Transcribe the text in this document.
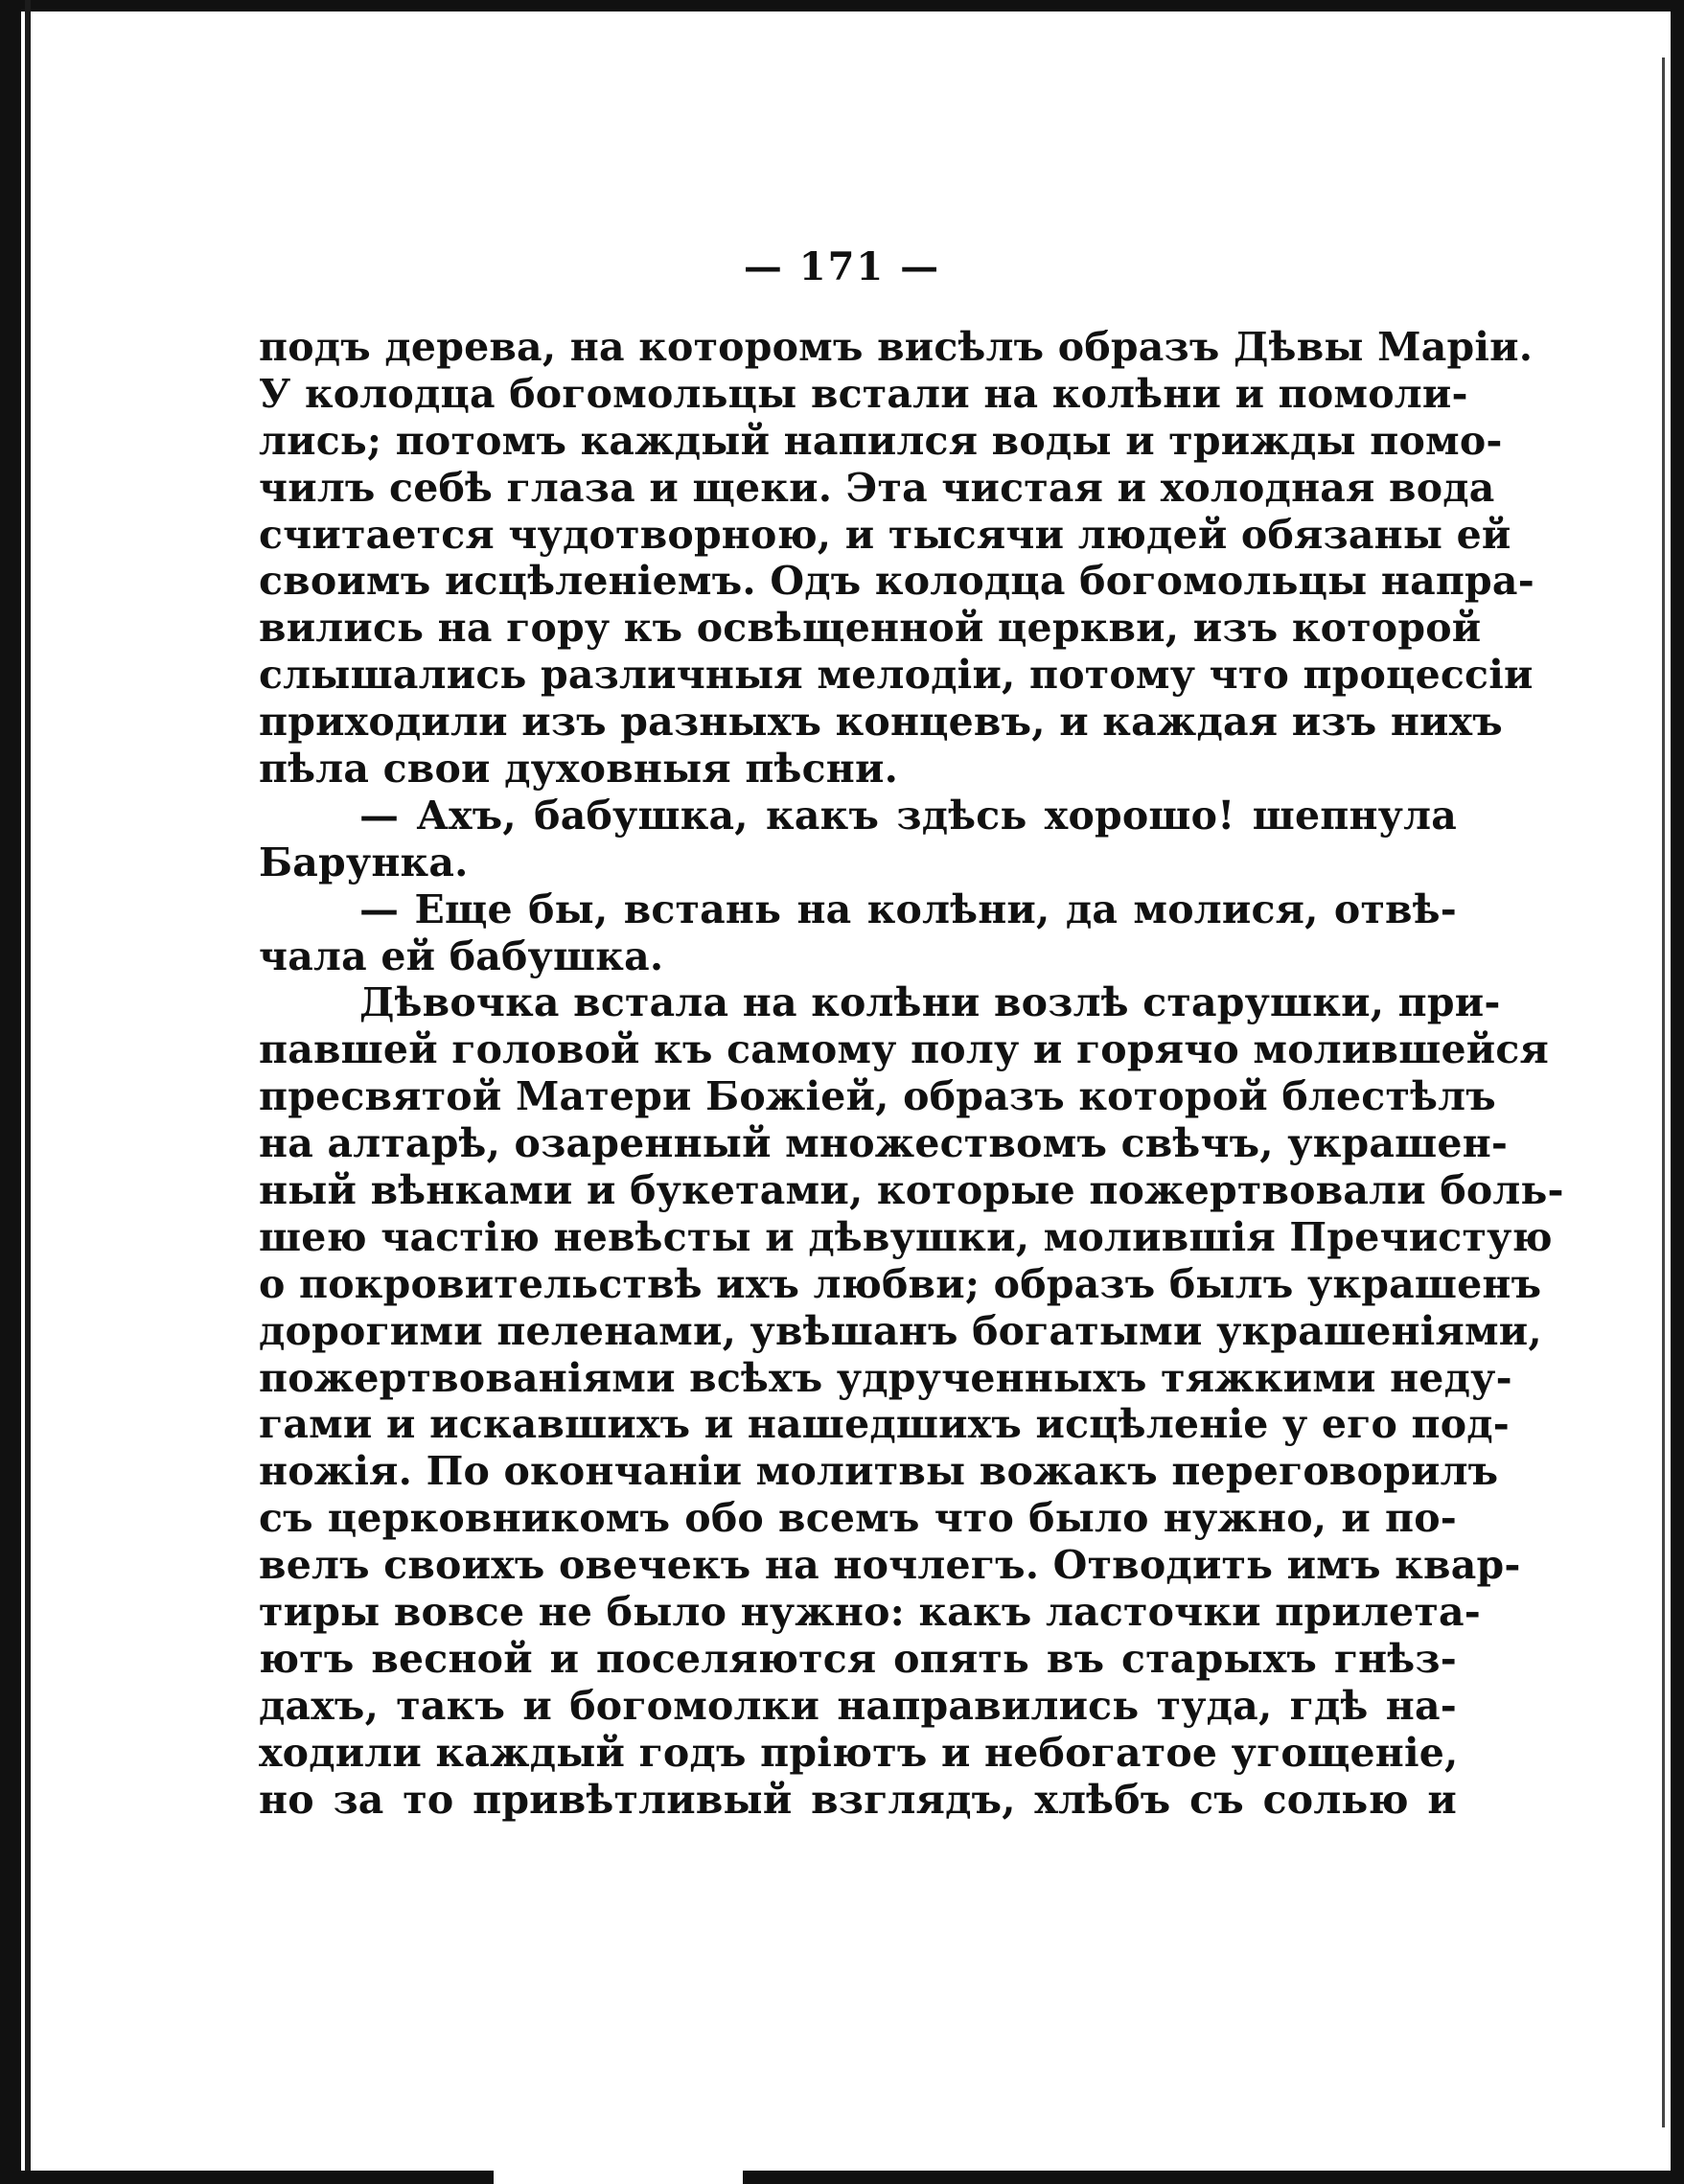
— 171 —
подъ дерева, на которомъ висѣлъ образъ Дѣвы Маріи.
У колодца богомольцы встали на колѣни и помоли-
лись; потомъ каждый напился воды и трижды помо-
чилъ себѣ глаза и щеки. Эта чистая и холодная вода
считается чудотворною, и тысячи людей обязаны ей
своимъ исцѣленіемъ. Одъ колодца богомольцы напра-
вились на гору къ освѣщенной церкви, изъ которой
слышались различныя мелодіи, потому что процессіи
приходили изъ разныхъ концевъ, и каждая изъ нихъ
пѣла свои духовныя пѣсни.
— Ахъ, бабушка, какъ здѣсь хорошо! шепнула
Барунка.
— Еще бы, встань на колѣни, да молися, отвѣ-
чала ей бабушка.
Дѣвочка встала на колѣни возлѣ старушки, при-
павшей головой къ самому полу и горячо молившейся
пресвятой Матери Божіей, образъ которой блестѣлъ
на алтарѣ, озаренный множествомъ свѣчъ, украшен-
ный вѣнками и букетами, которые пожертвовали боль-
шею частію невѣсты и дѣвушки, молившія Пречистую
о покровительствѣ ихъ любви; образъ былъ украшенъ
дорогими пеленами, увѣшанъ богатыми украшеніями,
пожертвованіями всѣхъ удрученныхъ тяжкими неду-
гами и искавшихъ и нашедшихъ исцѣленіе у его под-
ножія. По окончаніи молитвы вожакъ переговорилъ
съ церковникомъ обо всемъ что было нужно, и по-
велъ своихъ овечекъ на ночлегъ. Отводить имъ квар-
тиры вовсе не было нужно: какъ ласточки прилета-
ютъ весной и поселяются опять въ старыхъ гнѣз-
дахъ, такъ и богомолки направились туда, гдѣ на-
ходили каждый годъ пріютъ и небогатое угощеніе,
но за то привѣтливый взглядъ, хлѣбъ съ солью и
